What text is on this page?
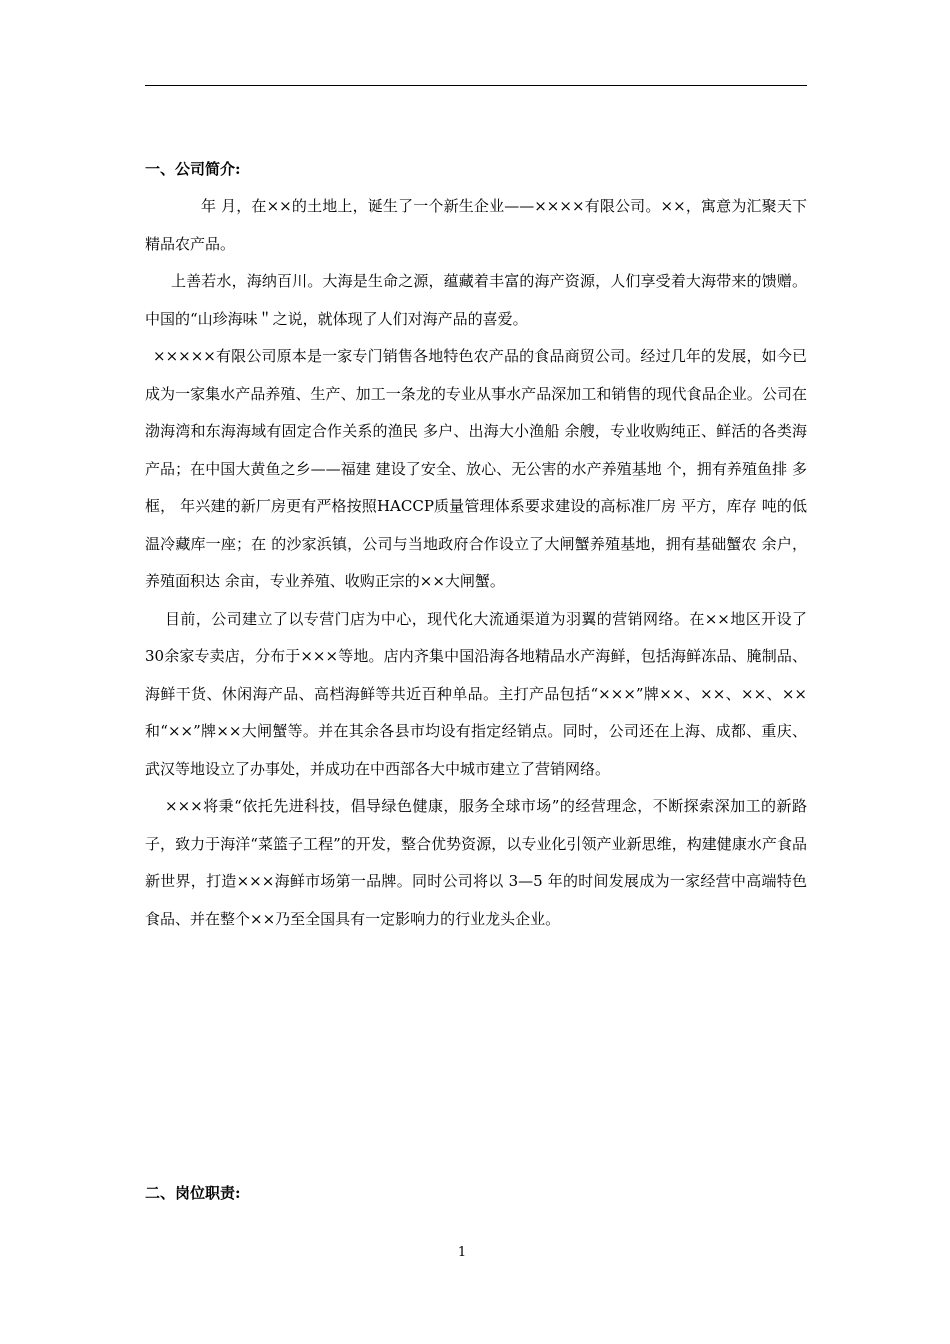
一、公司简介:

年 月，在××的土地上，诞生了一个新生企业——××××有限公司。××，寓意为汇聚天下精品农产品。

上善若水，海纳百川。大海是生命之源，蕴藏着丰富的海产资源，人们享受着大海带来的馈赠。中国的“山珍海味＂之说，就体现了人们对海产品的喜爱。

×××××有限公司原本是一家专门销售各地特色农产品的食品商贸公司。经过几年的发展，如今已成为一家集水产品养殖、生产、加工一条龙的专业从事水产品深加工和销售的现代食品企业。公司在渤海湾和东海海域有固定合作关系的渔民 多户、出海大小渔船 余艘，专业收购纯正、鲜活的各类海产品；在中国大黄鱼之乡——福建 建设了安全、放心、无公害的水产养殖基地 个，拥有养殖鱼排 多框， 年兴建的新厂房更有严格按照HACCP质量管理体系要求建设的高标准厂房 平方，库存 吨的低温冷藏库一座；在 的沙家浜镇，公司与当地政府合作设立了大闸蟹养殖基地，拥有基础蟹农 余户，养殖面积达 余亩，专业养殖、收购正宗的××大闸蟹。

目前，公司建立了以专营门店为中心，现代化大流通渠道为羽翼的营销网络。在××地区开设了30余家专卖店，分布于×××等地。店内齐集中国沿海各地精品水产海鲜，包括海鲜冻品、腌制品、海鲜干货、休闲海产品、高档海鲜等共近百种单品。主打产品包括“×××”牌××、××、××、××和“××”牌××大闸蟹等。并在其余各县市均设有指定经销点。同时，公司还在上海、成都、重庆、武汉等地设立了办事处，并成功在中西部各大中城市建立了营销网络。

×××将秉“依托先进科技，倡导绿色健康，服务全球市场”的经营理念，不断探索深加工的新路子，致力于海洋“菜篮子工程”的开发，整合优势资源，以专业化引领产业新思维，构建健康水产食品新世界，打造×××海鲜市场第一品牌。同时公司将以 3—5 年的时间发展成为一家经营中高端特色食品、并在整个××乃至全国具有一定影响力的行业龙头企业。

二、岗位职责:

1
